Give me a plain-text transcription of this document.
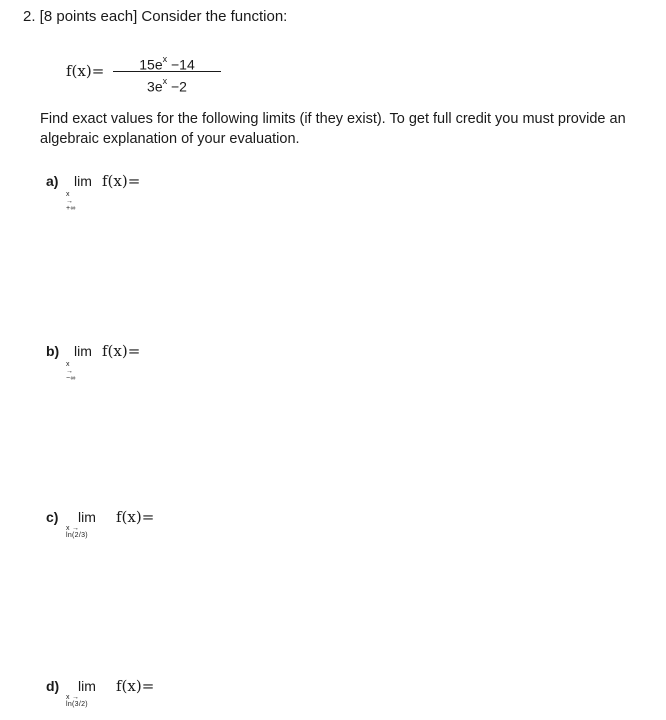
2. [8 points each] Consider the function:
f(x)=	$15e^x -14$
$3e^x -2$
Find exact values for the following limits (if they exist). To get full credit you must provide an algebraic explanation of your evaluation.
a) lim
x → +∞
f(x)=
b) lim
x → −∞
f(x)=
c) lim
x → ln(2/3)
f(x)=
d) lim
x → ln(3/2)
f(x)=
